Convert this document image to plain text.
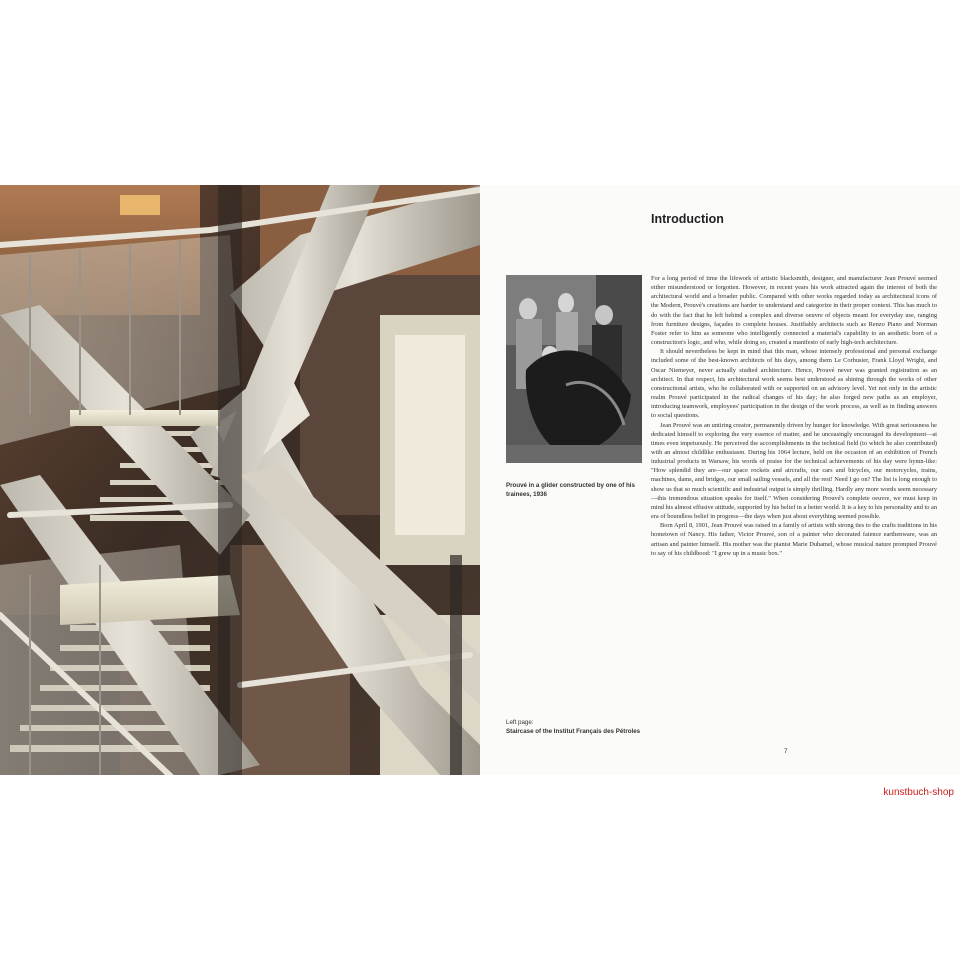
Introduction
Prouvé in a glider constructed by one of his trainees, 1936
Left page:
Staircase of the Institut Français des Pétroles

For a long period of time the lifework of artistic blacksmith, designer, and manufacturer Jean Prouvé seemed either misunderstood or forgotten. However, in recent years his work attracted again the interest of both the architectural world and a broader public. Compared with other works regarded today as architectural icons of the Modern, Prouvé's creations are harder to understand and categorize in their proper context. This has much to do with the fact that he left behind a complex and diverse oeuvre of objects meant for everyday use, ranging from furniture designs, façades to complete houses. Justifiably architects such as Renzo Piano and Norman Foster refer to him as someone who intelligently connected a material's capability to an aesthetic born of a construction's logic, and who, while doing so, created a manifesto of early high-tech architecture.

It should nevertheless be kept in mind that this man, whose intensely professional and personal exchange included some of the best-known architects of his days, among them Le Corbusier, Frank Lloyd Wright, and Oscar Niemeyer, never actually studied architecture. Hence, Prouvé never was granted registration as an architect. In that respect, his architectural work seems best understood as shining through the works of other constructional artists, who he collaborated with or supported on an advisory level. Yet not only in the artistic realm Prouvé participated in the radical changes of his day; he also forged new paths as an employer, introducing teamwork, employees' participation in the design of the work process, as well as in finding answers to social questions.

Jean Prouvé was an untiring creator, permanently driven by hunger for knowledge. With great seriousness he dedicated himself to exploring the very essence of matter, and he unceasingly encouraged its development—at times even impetuously. He perceived the accomplishments in the technical field (to which he also contributed) with an almost childlike enthusiasm. During his 1964 lecture, held on the occasion of an exhibition of French industrial products in Warsaw, his words of praise for the technical achievements of his day were hymn-like: "How splendid they are—our space rockets and aircrafts, our cars and bicycles, our motorcycles, trains, machines, dams, and bridges, our small sailing vessels, and all the rest! Need I go on? The list is long enough to show us that so much scientific and industrial output is simply thrilling. Hardly any more words seem necessary—this tremendous situation speaks for itself." When considering Prouvé's complete oeuvre, we must keep in mind his almost effusive attitude, supported by his belief in a better world. It is a key to his personality and to an era of boundless belief in progress—the days when just about everything seemed possible.

Born April 8, 1901, Jean Prouvé was raised in a family of artists with strong ties to the crafts traditions in his hometown of Nancy. His father, Victor Prouvé, son of a painter who decorated faience earthenware, was an artisan and painter himself. His mother was the pianist Marie Duhamel, whose musical nature prompted Prouvé to say of his childhood: "I grew up in a music box."

7
kunstbuch-shop
